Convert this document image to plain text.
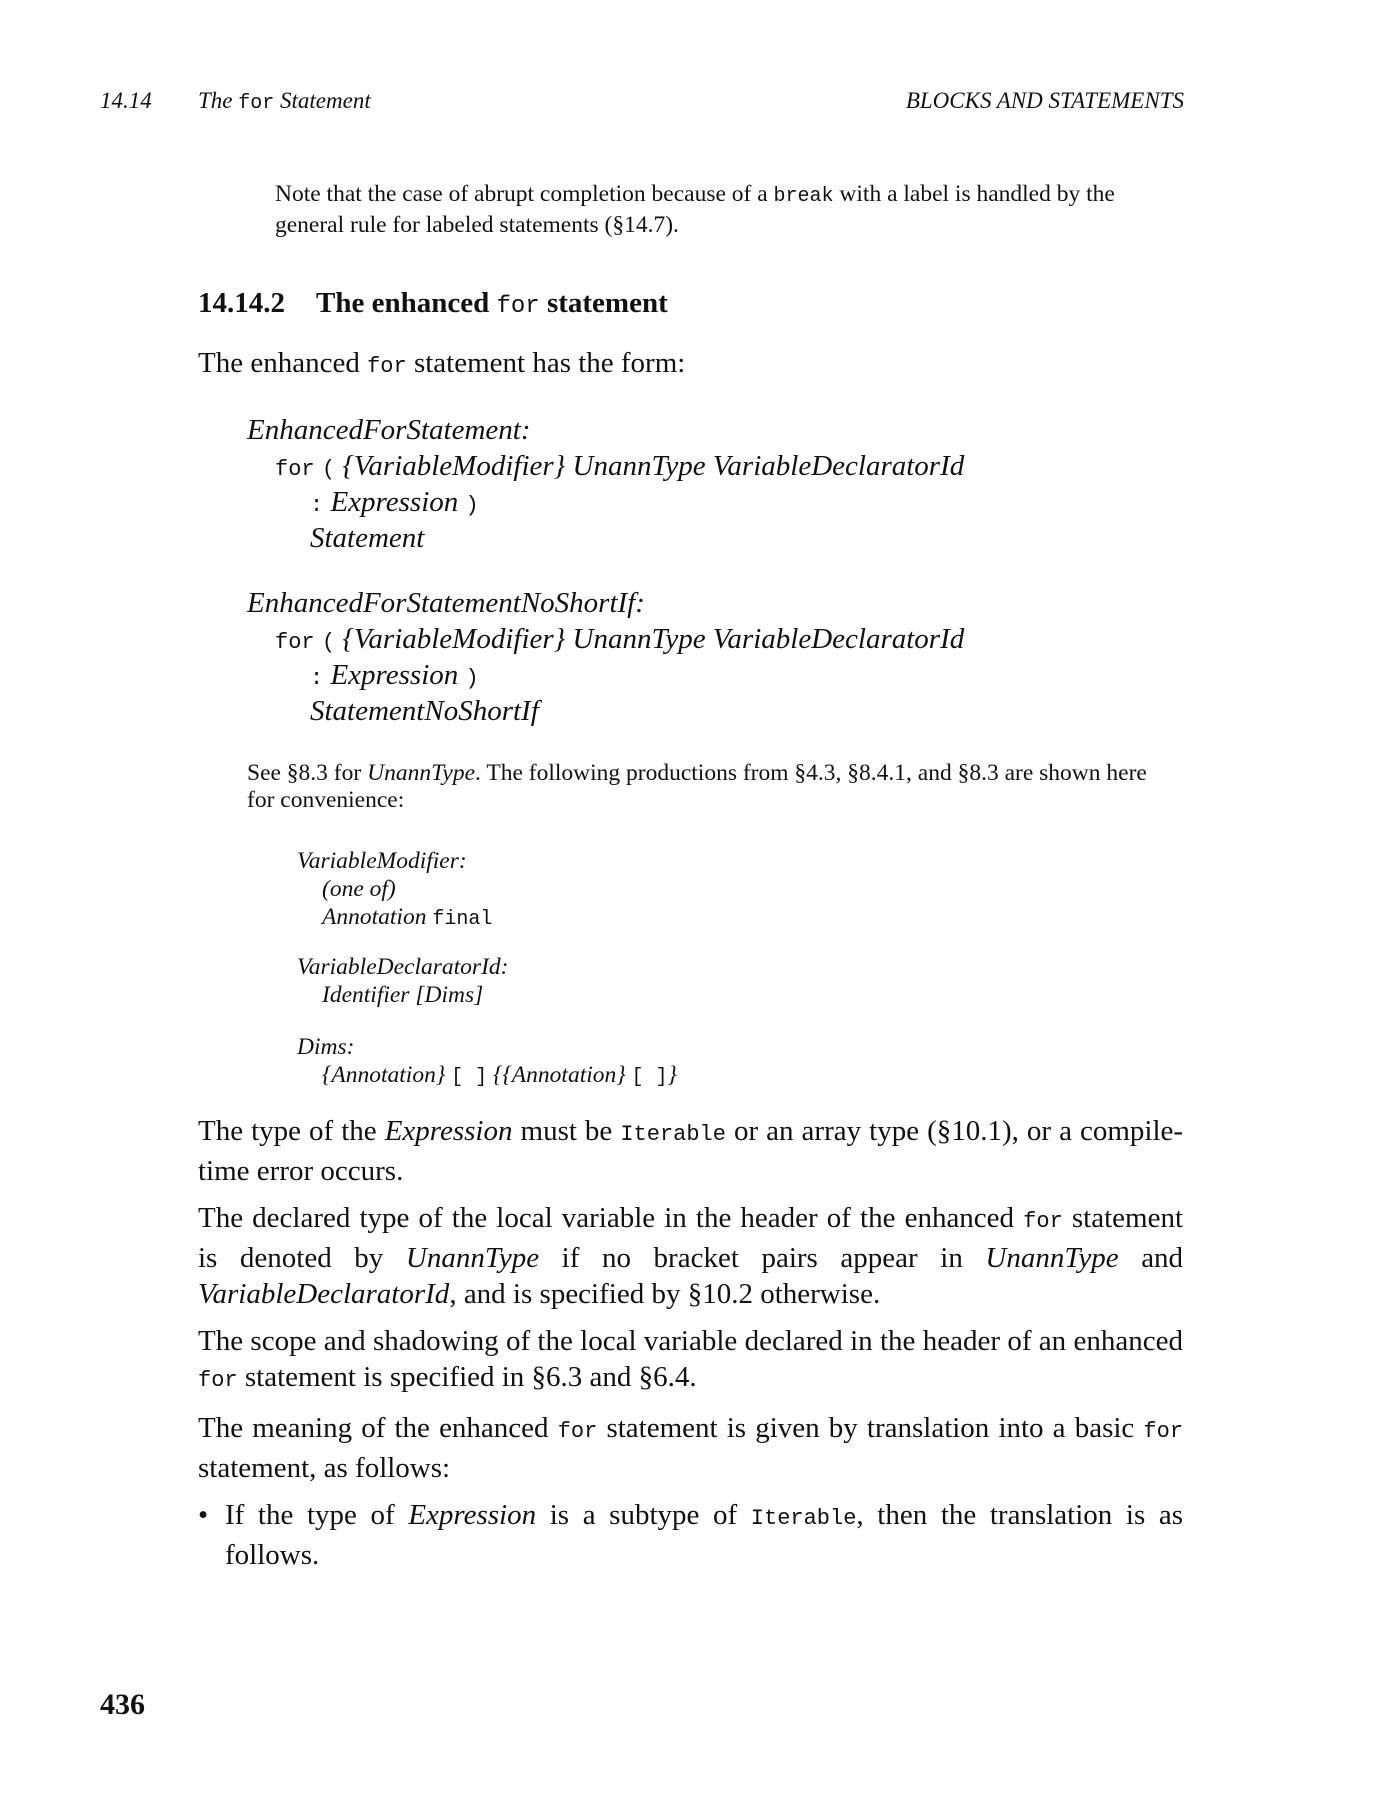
14.14 The for Statement	BLOCKS AND STATEMENTS
Note that the case of abrupt completion because of a break with a label is handled by the general rule for labeled statements (§14.7).
14.14.2 The enhanced for statement
The enhanced for statement has the form:
EnhancedForStatement:
for ( {VariableModifier} UnannType VariableDeclaratorId
: Expression )
Statement
EnhancedForStatementNoShortIf:
for ( {VariableModifier} UnannType VariableDeclaratorId
: Expression )
StatementNoShortIf
See §8.3 for UnannType. The following productions from §4.3, §8.4.1, and §8.3 are shown here for convenience:
VariableModifier:
(one of)
Annotation final
VariableDeclaratorId:
Identifier [Dims]
Dims:
{Annotation} [ ] {{Annotation} [ ]}
The type of the Expression must be Iterable or an array type (§10.1), or a compile-time error occurs.
The declared type of the local variable in the header of the enhanced for statement is denoted by UnannType if no bracket pairs appear in UnannType and VariableDeclaratorId, and is specified by §10.2 otherwise.
The scope and shadowing of the local variable declared in the header of an enhanced for statement is specified in §6.3 and §6.4.
The meaning of the enhanced for statement is given by translation into a basic for statement, as follows:
• If the type of Expression is a subtype of Iterable, then the translation is as follows.
436
